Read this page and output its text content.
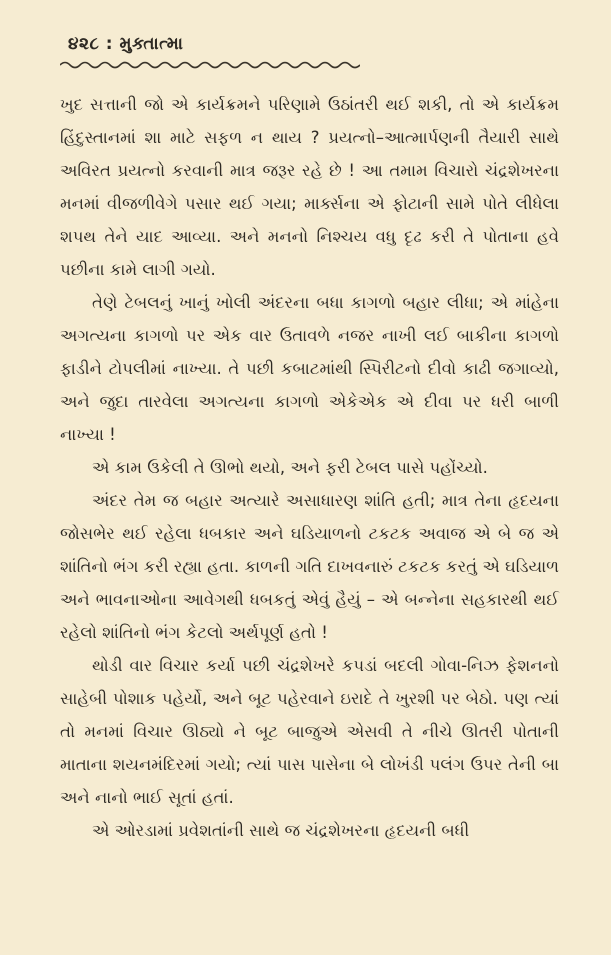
૪૨૮ : મુક્તાત્મા

ખુદ સત્તાની જો એ કાર્યક્રમને પરિણામે ઉઠાંતરી થઈ શકી, તો એ કાર્યક્રમ હિંદુસ્તાનમાં શા માટે સફળ ન થાય ? પ્રયત્નો–આત્માર્પણની તૈયારી સાથે અવિરત પ્રયત્નો કરવાની માત્ર જરૂર રહે છે ! આ તમામ વિચારો ચંદ્રશેખરના મનમાં વીજળીવેગે પસાર થઈ ગયા; માર્ક્સના એ ફોટાની સામે પોતે લીધેલા શપથ તેને યાદ આવ્યા. અને મનનો નિશ્ચય વધુ દૃઢ કરી તે પોતાના હવે પછીના કામે લાગી ગયો.

તેણે ટેબલનું ખાનું ખોલી અંદરના બધા કાગળો બહાર લીધા; એ માંહેના અગત્યના કાગળો પર એક વાર ઉતાવળે નજર નાખી લઈ બાકીના કાગળો ફાડીને ટોપલીમાં નાખ્યા. તે પછી કબાટમાંથી સ્પિરીટનો દીવો કાઢી જગાવ્યો, અને જુદા તારવેલા અગત્યના કાગળો એકેએક એ દીવા પર ધરી બાળી નાખ્યા !

એ કામ ઉકેલી તે ઊભો થયો, અને ફરી ટેબલ પાસે પહોંચ્યો.

અંદર તેમ જ બહાર અત્યારે અસાધારણ શાંતિ હતી; માત્ર તેના હૃદયના જોસભેર થઈ રહેલા ધબકાર અને ઘડિયાળનો ટકટક અવાજ એ બે જ એ શાંતિનો ભંગ કરી રહ્યા હતા. કાળની ગતિ દાખવનારું ટકટક કરતું એ ઘડિયાળ અને ભાવનાઓના આવેગથી ધબકતું એવું હૈયું – એ બન્નેના સહકારથી થઈ રહેલો શાંતિનો ભંગ કેટલો અર્થપૂર્ણ હતો !

થોડી વાર વિચાર કર્યા પછી ચંદ્રશેખરે કપડાં બદલી ગોવા-નિઝ ફેશનનો સાહેબી પોશાક પહેર્યો, અને બૂટ પહેરવાને ઇરાદે તે ખુરશી પર બેઠો. પણ ત્યાં તો મનમાં વિચાર ઊઠ્યો ને બૂટ બાજુએ એસવી તે નીચે ઊતરી પોતાની માતાના શયનમંદિરમાં ગયો; ત્યાં પાસ પાસેના બે લોખંડી પલંગ ઉપર તેની બા અને નાનો ભાઈ સૂતાં હતાં.

એ ઓરડામાં પ્રવેશતાંની સાથે જ ચંદ્રશેખરના હૃદયની બધી
